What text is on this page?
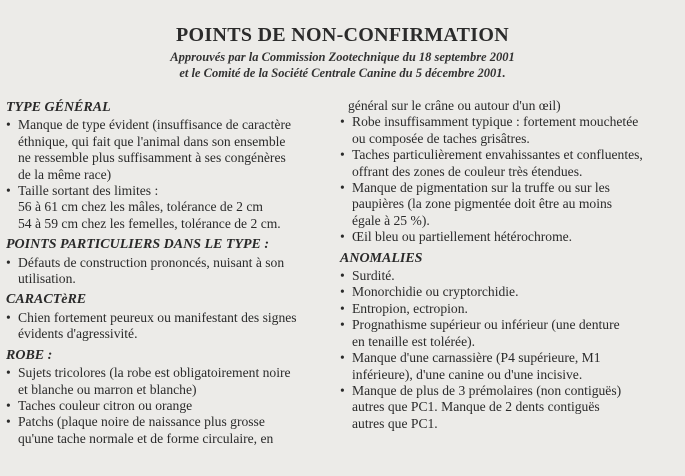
POINTS DE NON-CONFIRMATION
Approuvés par la Commission Zootechnique du 18 septembre 2001
et le Comité de la Société Centrale Canine du 5 décembre 2001.
TYPE GÉNÉRAL
• Manque de type évident (insuffisance de caractère
éthnique, qui fait que l'animal dans son ensemble
ne ressemble plus suffisamment à ses congénères
de la même race)
• Taille sortant des limites :
56 à 61 cm chez les mâles, tolérance de 2 cm
54 à 59 cm chez les femelles, tolérance de 2 cm.
POINTS PARTICULIERS DANS LE TYPE :
• Défauts de construction prononcés, nuisant à son
utilisation.
CARACTèRE
• Chien fortement peureux ou manifestant des signes
évidents d'agressivité.
ROBE :
• Sujets tricolores (la robe est obligatoirement noire
et blanche ou marron et blanche)
• Taches couleur citron ou orange
• Patchs (plaque noire de naissance plus grosse
qu'une tache normale et de forme circulaire, en
général sur le crâne ou autour d'un œil)
• Robe insuffisamment typique : fortement mouchetée
ou composée de taches grisâtres.
• Taches particulièrement envahissantes et confluentes,
offrant des zones de couleur très étendues.
• Manque de pigmentation sur la truffe ou sur les
paupières (la zone pigmentée doit être au moins
égale à 25 %).
• Œil bleu ou partiellement hétérochrome.
ANOMALIES
• Surdité.
• Monorchidie ou cryptorchidie.
• Entropion, ectropion.
• Prognathisme supérieur ou inférieur (une denture
en tenaille est tolérée).
• Manque d'une carnassière (P4 supérieure, M1
inférieure), d'une canine ou d'une incisive.
• Manque de plus de 3 prémolaires (non contiguës)
autres que PC1. Manque de 2 dents contiguës
autres que PC1.
